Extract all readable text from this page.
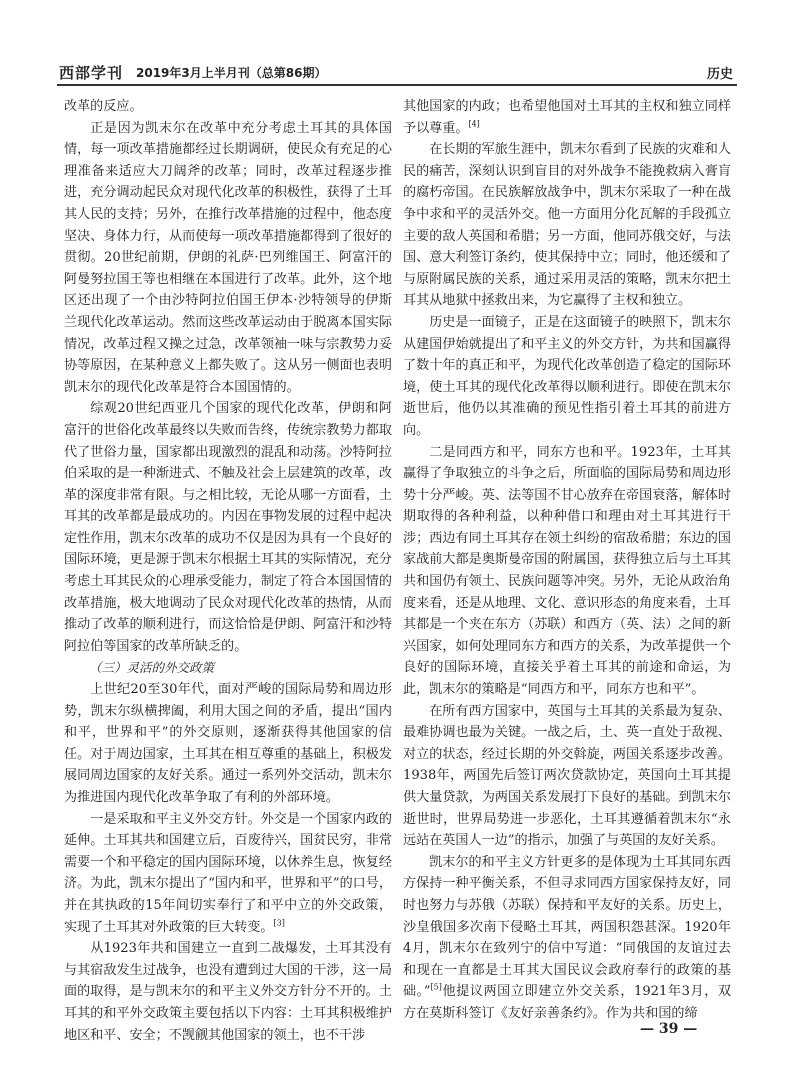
西部学刊 2019年3月上半月刊（总第86期）	历史

改革的反应。

正是因为凯末尔在改革中充分考虑土耳其的具体国情，每一项改革措施都经过长期调研，使民众有充足的心理准备来适应大刀阔斧的改革；同时，改革过程逐步推进，充分调动起民众对现代化改革的积极性，获得了土耳其人民的支持；另外，在推行改革措施的过程中，他态度坚决、身体力行，从而使每一项改革措施都得到了很好的贯彻。20世纪前期，伊朗的礼萨·巴列维国王、阿富汗的阿曼努拉国王等也相继在本国进行了改革。此外，这个地区还出现了一个由沙特阿拉伯国王伊本·沙特领导的伊斯兰现代化改革运动。然而这些改革运动由于脱离本国实际情况，改革过程又操之过急，改革领袖一味与宗教势力妥协等原因，在某种意义上都失败了。这从另一侧面也表明凯末尔的现代化改革是符合本国国情的。

综观20世纪西亚几个国家的现代化改革，伊朗和阿富汗的世俗化改革最终以失败而告终，传统宗教势力都取代了世俗力量，国家都出现激烈的混乱和动荡。沙特阿拉伯采取的是一种渐进式、不触及社会上层建筑的改革，改革的深度非常有限。与之相比较，无论从哪一方面看，土耳其的改革都是最成功的。内因在事物发展的过程中起决定性作用，凯末尔改革的成功不仅是因为具有一个良好的国际环境，更是源于凯末尔根据土耳其的实际情况，充分考虑土耳其民众的心理承受能力，制定了符合本国国情的改革措施，极大地调动了民众对现代化改革的热情，从而推动了改革的顺利进行，而这恰恰是伊朗、阿富汗和沙特阿拉伯等国家的改革所缺乏的。

（三）灵活的外交政策

上世纪20至30年代，面对严峻的国际局势和周边形势，凯末尔纵横捭阖，利用大国之间的矛盾，提出“国内和平，世界和平”的外交原则，逐渐获得其他国家的信任。对于周边国家，土耳其在相互尊重的基础上，积极发展同周边国家的友好关系。通过一系列外交活动，凯末尔为推进国内现代化改革争取了有利的外部环境。

一是采取和平主义外交方针。外交是一个国家内政的延伸。土耳其共和国建立后，百废待兴，国贫民穷，非常需要一个和平稳定的国内国际环境，以休养生息，恢复经济。为此，凯末尔提出了“国内和平，世界和平”的口号，并在其执政的15年间切实奉行了和平中立的外交政策，实现了土耳其对外政策的巨大转变。[3]

从1923年共和国建立一直到二战爆发，土耳其没有与其宿敌发生过战争，也没有遭到过大国的干涉，这一局面的取得，是与凯末尔的和平主义外交方针分不开的。土耳其的和平外交政策主要包括以下内容：土耳其积极维护地区和平、安全；不觊觎其他国家的领土，也不干涉

其他国家的内政；也希望他国对土耳其的主权和独立同样予以尊重。[4]

在长期的军旅生涯中，凯末尔看到了民族的灾难和人民的痛苦，深刻认识到盲目的对外战争不能挽救病入膏肓的腐朽帝国。在民族解放战争中，凯末尔采取了一种在战争中求和平的灵活外交。他一方面用分化瓦解的手段孤立主要的敌人英国和希腊；另一方面，他同苏俄交好，与法国、意大利签订条约，使其保持中立；同时，他还缓和了与原附属民族的关系，通过采用灵活的策略，凯末尔把土耳其从地狱中拯救出来，为它赢得了主权和独立。

历史是一面镜子，正是在这面镜子的映照下，凯末尔从建国伊始就提出了和平主义的外交方针，为共和国赢得了数十年的真正和平，为现代化改革创造了稳定的国际环境，使土耳其的现代化改革得以顺利进行。即使在凯末尔逝世后，他仍以其准确的预见性指引着土耳其的前进方向。

二是同西方和平，同东方也和平。1923年，土耳其赢得了争取独立的斗争之后，所面临的国际局势和周边形势十分严峻。英、法等国不甘心放弃在帝国衰落，解体时期取得的各种利益，以种种借口和理由对土耳其进行干涉；西边有同土耳其存在领土纠纷的宿敌希腊；东边的国家战前大都是奥斯曼帝国的附属国，获得独立后与土耳其共和国仍有领土、民族问题等冲突。另外，无论从政治角度来看，还是从地理、文化、意识形态的角度来看，土耳其都是一个夹在东方（苏联）和西方（英、法）之间的新兴国家，如何处理同东方和西方的关系，为改革提供一个良好的国际环境，直接关乎着土耳其的前途和命运，为此，凯末尔的策略是“同西方和平，同东方也和平”。

在所有西方国家中，英国与土耳其的关系最为复杂、最难协调也最为关键。一战之后，土、英一直处于敌视、对立的状态，经过长期的外交斡旋，两国关系逐步改善。1938年，两国先后签订两次贷款协定，英国向土耳其提供大量贷款，为两国关系发展打下良好的基础。到凯末尔逝世时，世界局势进一步恶化，土耳其遵循着凯末尔“永远站在英国人一边”的指示，加强了与英国的友好关系。

凯末尔的和平主义方针更多的是体现为土耳其同东西方保持一种平衡关系，不但寻求同西方国家保持友好，同时也努力与苏俄（苏联）保持和平友好的关系。历史上，沙皇俄国多次南下侵略土耳其，两国积怨甚深。1920年4月，凯末尔在致列宁的信中写道：“同俄国的友谊过去和现在一直都是土耳其大国民议会政府奉行的政策的基础。”[5]他提议两国立即建立外交关系，1921年3月，双方在莫斯科签订《友好亲善条约》。作为共和国的缔

— 39 —
